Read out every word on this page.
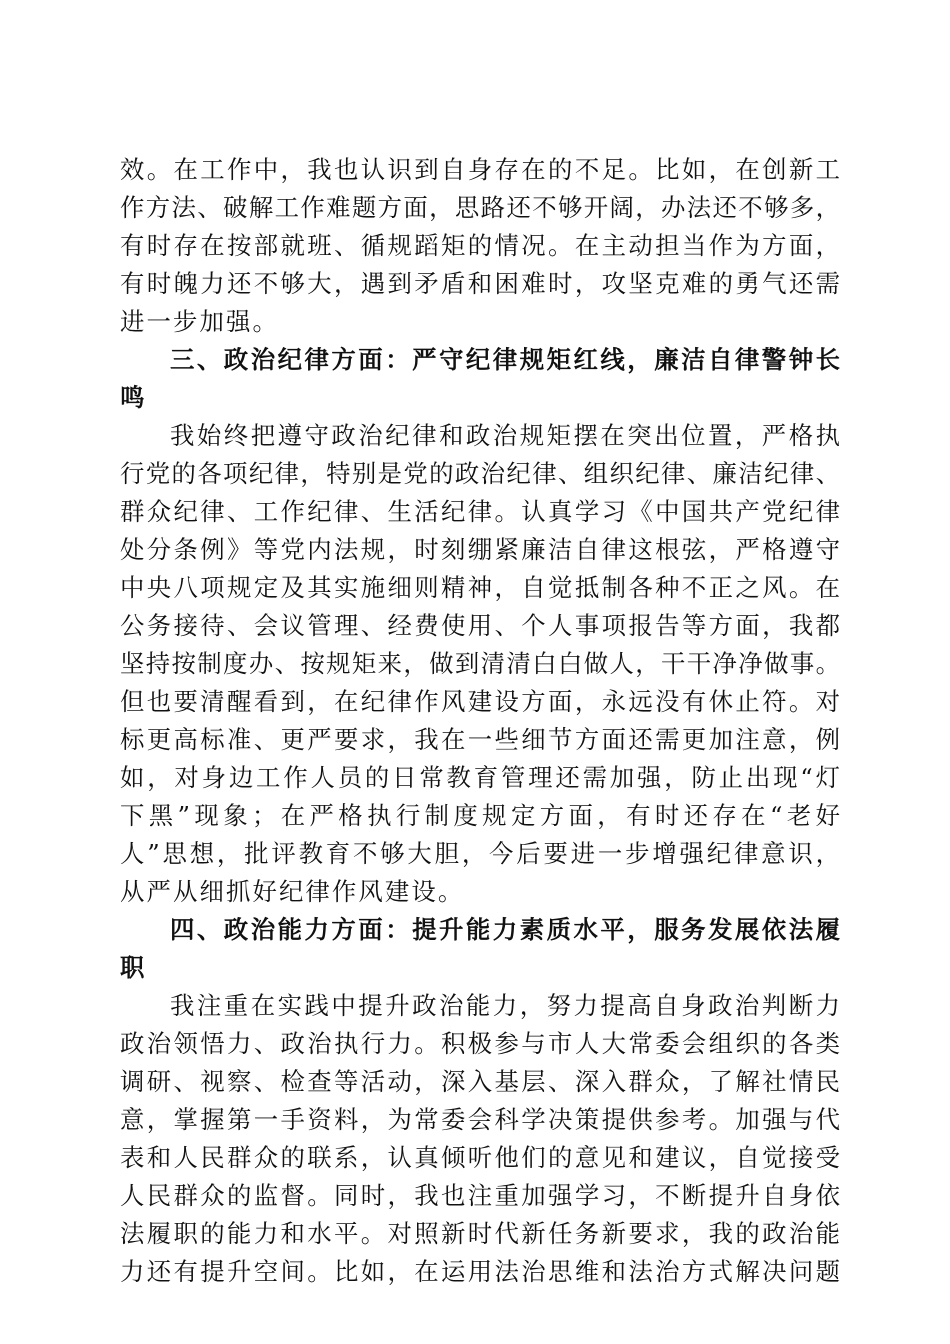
效。在工作中，我也认识到自身存在的不足。比如，在创新工
作方法、破解工作难题方面，思路还不够开阔，办法还不够多，
有时存在按部就班、循规蹈矩的情况。在主动担当作为方面，
有时魄力还不够大，遇到矛盾和困难时，攻坚克难的勇气还需
进一步加强。
三、政治纪律方面：严守纪律规矩红线，廉洁自律警钟长
鸣
我始终把遵守政治纪律和政治规矩摆在突出位置，严格执
行党的各项纪律，特别是党的政治纪律、组织纪律、廉洁纪律、
群众纪律、工作纪律、生活纪律。认真学习《中国共产党纪律
处分条例》等党内法规，时刻绷紧廉洁自律这根弦，严格遵守
中央八项规定及其实施细则精神，自觉抵制各种不正之风。在
公务接待、会议管理、经费使用、个人事项报告等方面，我都
坚持按制度办、按规矩来，做到清清白白做人，干干净净做事。
但也要清醒看到，在纪律作风建设方面，永远没有休止符。对
标更高标准、更严要求，我在一些细节方面还需更加注意，例
如，对身边工作人员的日常教育管理还需加强，防止出现“灯
下黑”现象；在严格执行制度规定方面，有时还存在“老好
人”思想，批评教育不够大胆，今后要进一步增强纪律意识，
从严从细抓好纪律作风建设。
四、政治能力方面：提升能力素质水平，服务发展依法履
职
我注重在实践中提升政治能力，努力提高自身政治判断力
政治领悟力、政治执行力。积极参与市人大常委会组织的各类
调研、视察、检查等活动，深入基层、深入群众，了解社情民
意，掌握第一手资料，为常委会科学决策提供参考。加强与代
表和人民群众的联系，认真倾听他们的意见和建议，自觉接受
人民群众的监督。同时，我也注重加强学习，不断提升自身依
法履职的能力和水平。对照新时代新任务新要求，我的政治能
力还有提升空间。比如，在运用法治思维和法治方式解决问题
